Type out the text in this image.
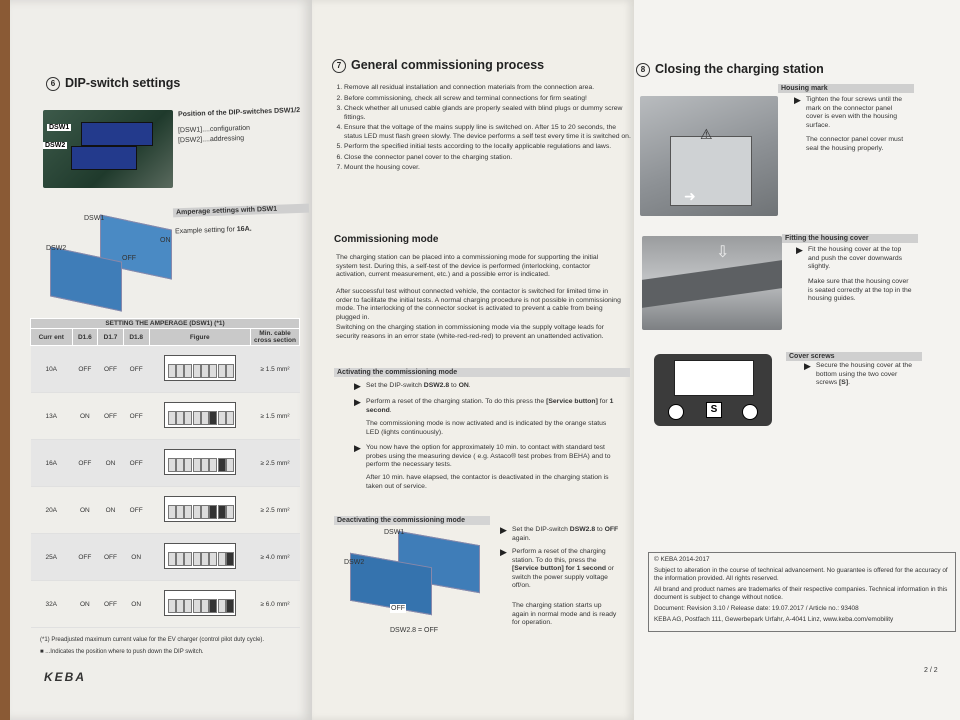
6 DIP-switch settings
DSW1
DSW2
Position of the DIP-switches DSW1/2
[DSW1]....configuration
[DSW2]....addressing
Amperage settings with DSW1
Example setting for 16A.
DSW1
DSW2
ON
OFF
SETTING THE AMPERAGE (DSW1) (*1)					
Curr ent	D1.6	D1.7	D1.8	Figure	Min. cable cross section
10A	OFF	OFF	OFF		≥ 1.5 mm²
13A	ON	OFF	OFF		≥ 1.5 mm²
16A	OFF	ON	OFF		≥ 2.5 mm²
20A	ON	ON	OFF		≥ 2.5 mm²
25A	OFF	OFF	ON		≥ 4.0 mm²
32A	ON	OFF	ON		≥ 6.0 mm²
(*1) Preadjusted maximum current value for the EV charger (control pilot duty cycle).
■ ...Indicates the position where to push down the DIP switch.
KEBA
7 General commissioning process
1. Remove all residual installation and connection materials from the connection area.
2. Before commissioning, check all screw and terminal connections for firm seating!
3. Check whether all unused cable glands are properly sealed with blind plugs or dummy screw fittings.
4. Ensure that the voltage of the mains supply line is switched on. After 15 to 20 seconds, the status LED must flash green slowly. The device performs a self test every time it is switched on.
5. Perform the specified initial tests according to the locally applicable regulations and laws.
6. Close the connector panel cover to the charging station.
7. Mount the housing cover.
Commissioning mode
The charging station can be placed into a commissioning mode for supporting the initial system test. During this, a self-test of the device is performed (interlocking, contactor activation, current measurement, etc.) and a possible error is indicated.
After successful test without connected vehicle, the contactor is switched for limited time in order to facilitate the initial tests. A normal charging procedure is not possible in commissioning mode. The interlocking of the connector socket is activated to prevent a cable from being plugged in.
Switching on the charging station in commissioning mode via the supply voltage leads for security reasons in an error state (white-red-red-red) to prevent an unattended activation.
Activating the commissioning mode
▶ Set the DIP-switch DSW2.8 to ON.
▶ Perform a reset of the charging station. To do this press the [Service button] for 1 second.
The commissioning mode is now activated and is indicated by the orange status LED (lights continuously).
▶ You now have the option for approximately 10 min. to contact with standard test probes using the measuring device ( e.g. Astaco® test probes from BEHA) and to perform the necessary tests.
After 10 min. have elapsed, the contactor is deactivated in the charging station is taken out of service.
Deactivating the commissioning mode
DSW1
DSW2
OFF
DSW2.8 = OFF
▶ Set the DIP-switch DSW2.8 to OFF again.
▶ Perform a reset of the charging station. To do this, press the [Service button] for 1 second or switch the power supply voltage off/on.
The charging station starts up again in normal mode and is ready for operation.
8 Closing the charging station
⚠
➜
Housing mark
▶ Tighten the four screws until the mark on the connector panel cover is even with the housing surface.
The connector panel cover must seal the housing properly.
⇩
Fitting the housing cover
▶ Fit the housing cover at the top and push the cover downwards slightly.
Make sure that the housing cover is seated correctly at the top in the housing guides.
S
Cover screws
▶ Secure the housing cover at the bottom using the two cover screws [S].
© KEBA 2014-2017
Subject to alteration in the course of technical advancement. No guarantee is offered for the accuracy of the information provided. All rights reserved.
All brand and product names are trademarks of their respective companies. Technical information in this document is subject to change without notice.
Document: Revision 3.10 / Release date: 19.07.2017 / Article no.: 93408
KEBA AG, Postfach 111, Gewerbepark Urfahr, A-4041 Linz, www.keba.com/emobility
2 / 2
